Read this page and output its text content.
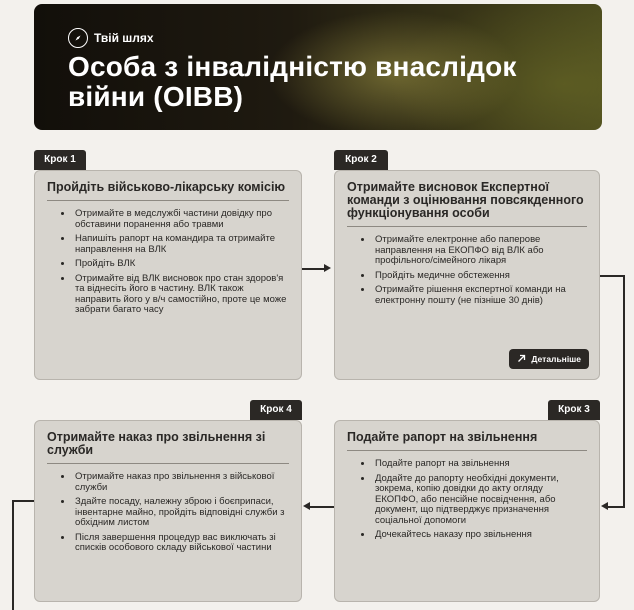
Твій шлях
Особа з інвалідністю внаслідок війни (ОІВВ)
Крок 1
Пройдіть військово-лікарську комісію
• Отримайте в медслужбі частини довідку про обставини поранення або травми
• Напишіть рапорт на командира та отримайте направлення на ВЛК
• Пройдіть ВЛК
• Отримайте від ВЛК висновок про стан здоров'я та віднесіть його в частину. ВЛК також направить його у в/ч самостійно, проте це може забрати багато часу
Крок 2
Отримайте висновок Експертної команди з оцінювання повсякденного функціонування особи
• Отримайте електронне або паперове направлення на ЕКОПФО від ВЛК або профільного/сімейного лікаря
• Пройдіть медичне обстеження
• Отримайте рішення експертної команди на електронну пошту (не пізніше 30 днів)
Детальніше
Крок 3
Подайте рапорт на звільнення
• Подайте рапорт на звільнення
• Додайте до рапорту необхідні документи, зокрема, копію довідки до акту огляду ЕКОПФО, або пенсійне посвідчення, або документ, що підтверджує призначення соціальної допомоги
• Дочекайтесь наказу про звільнення
Крок 4
Отримайте наказ про звільнення зі служби
• Отримайте наказ про звільнення з військової служби
• Здайте посаду, належну зброю і боєприпаси, інвентарне майно, пройдіть відповідні служби з обхідним листом
• Після завершення процедур вас виключать зі списків особового складу військової частини
